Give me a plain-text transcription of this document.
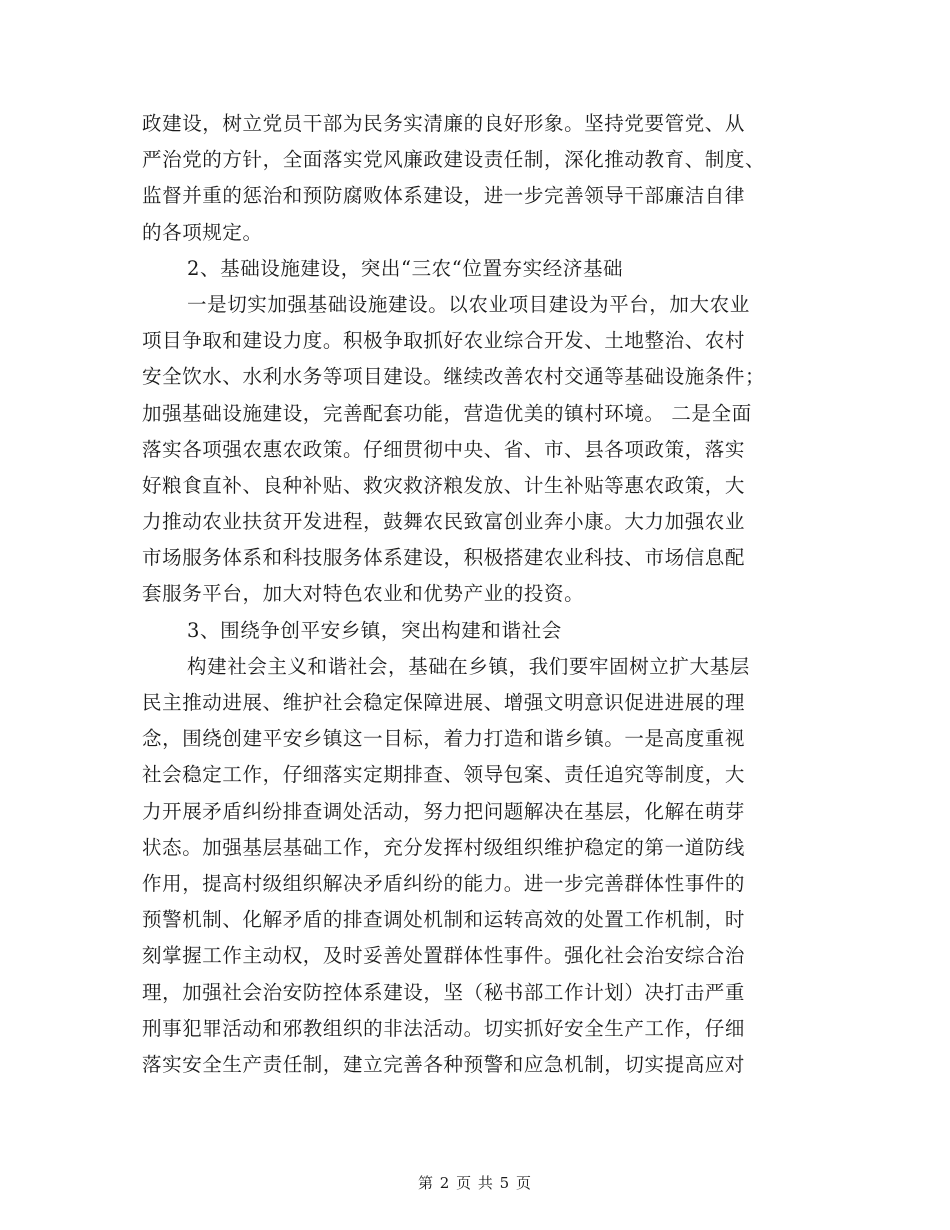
政建设，树立党员干部为民务实清廉的良好形象。坚持党要管党、从
严治党的方针，全面落实党风廉政建设责任制，深化推动教育、制度、
监督并重的惩治和预防腐败体系建设，进一步完善领导干部廉洁自律
的各项规定。
2、基础设施建设，突出“三农“位置夯实经济基础
一是切实加强基础设施建设。以农业项目建设为平台，加大农业
项目争取和建设力度。积极争取抓好农业综合开发、土地整治、农村
安全饮水、水利水务等项目建设。继续改善农村交通等基础设施条件；
加强基础设施建设，完善配套功能，营造优美的镇村环境。 二是全面
落实各项强农惠农政策。仔细贯彻中央、省、市、县各项政策，落实
好粮食直补、良种补贴、救灾救济粮发放、计生补贴等惠农政策，大
力推动农业扶贫开发进程，鼓舞农民致富创业奔小康。大力加强农业
市场服务体系和科技服务体系建设，积极搭建农业科技、市场信息配
套服务平台，加大对特色农业和优势产业的投资。
3、围绕争创平安乡镇，突出构建和谐社会
构建社会主义和谐社会，基础在乡镇，我们要牢固树立扩大基层
民主推动进展、维护社会稳定保障进展、增强文明意识促进进展的理
念，围绕创建平安乡镇这一目标，着力打造和谐乡镇。一是高度重视
社会稳定工作，仔细落实定期排查、领导包案、责任追究等制度，大
力开展矛盾纠纷排查调处活动，努力把问题解决在基层，化解在萌芽
状态。加强基层基础工作，充分发挥村级组织维护稳定的第一道防线
作用，提高村级组织解决矛盾纠纷的能力。进一步完善群体性事件的
预警机制、化解矛盾的排查调处机制和运转高效的处置工作机制，时
刻掌握工作主动权，及时妥善处置群体性事件。强化社会治安综合治
理，加强社会治安防控体系建设，坚（秘书部工作计划）决打击严重
刑事犯罪活动和邪教组织的非法活动。切实抓好安全生产工作，仔细
落实安全生产责任制，建立完善各种预警和应急机制，切实提高应对
第 2 页 共 5 页
